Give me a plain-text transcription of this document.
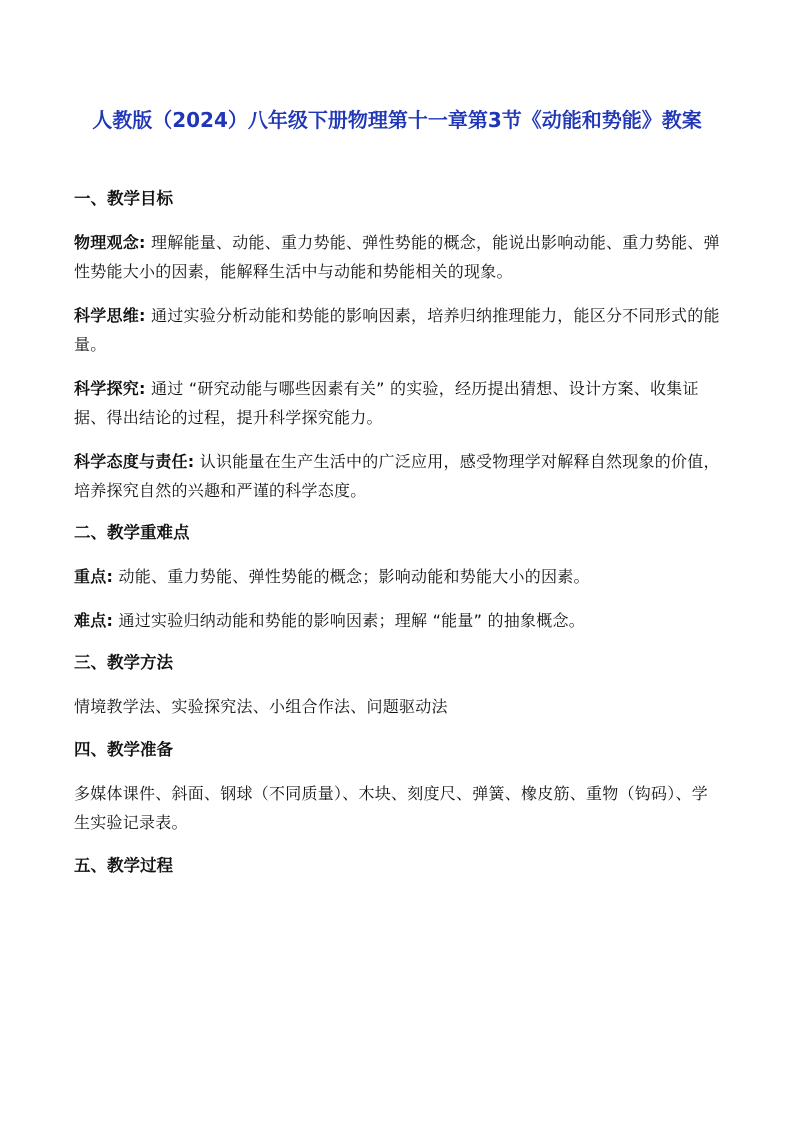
人教版（2024）八年级下册物理第十一章第3节《动能和势能》教案
一、教学目标

物理观念: 理解能量、动能、重力势能、弹性势能的概念，能说出影响动能、重力势能、弹性势能大小的因素，能解释生活中与动能和势能相关的现象。

科学思维: 通过实验分析动能和势能的影响因素，培养归纳推理能力，能区分不同形式的能量。

科学探究: 通过 “研究动能与哪些因素有关” 的实验，经历提出猜想、设计方案、收集证据、得出结论的过程，提升科学探究能力。

科学态度与责任: 认识能量在生产生活中的广泛应用，感受物理学对解释自然现象的价值，培养探究自然的兴趣和严谨的科学态度。

二、教学重难点

重点: 动能、重力势能、弹性势能的概念；影响动能和势能大小的因素。

难点: 通过实验归纳动能和势能的影响因素；理解 “能量” 的抽象概念。

三、教学方法

情境教学法、实验探究法、小组合作法、问题驱动法

四、教学准备

多媒体课件、斜面、钢球（不同质量）、木块、刻度尺、弹簧、橡皮筋、重物（钩码）、学生实验记录表。

五、教学过程
